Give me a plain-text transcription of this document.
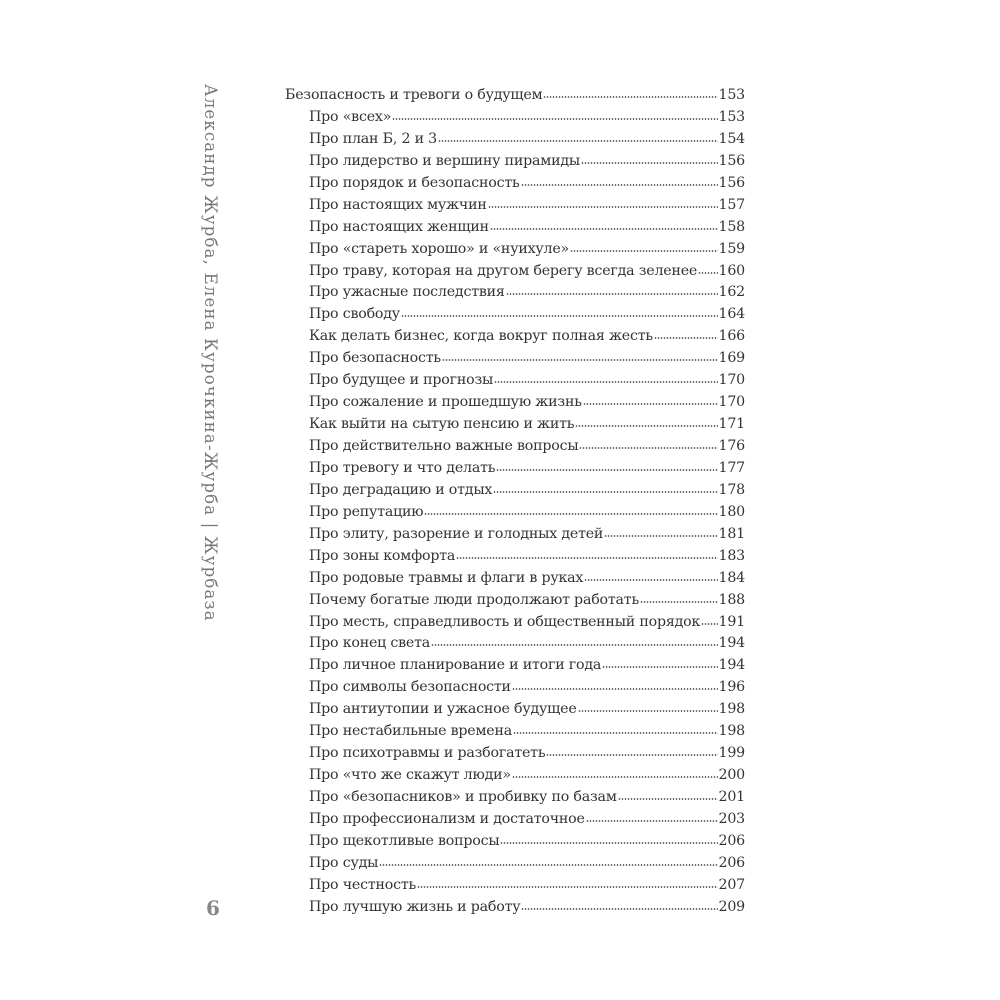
Александр Журба, Елена Курочкина-Журба | Журбаза
6
Безопасность и тревоги о будущем	153
Про «всех»	153
Про план Б, 2 и 3	154
Про лидерство и вершину пирамиды	156
Про порядок и безопасность	156
Про настоящих мужчин	157
Про настоящих женщин	158
Про «стареть хорошо» и «нуихуле»	159
Про траву, которая на другом берегу всегда зеленее 160
Про ужасные последствия	162
Про свободу	164
Как делать бизнес, когда вокруг полная жесть	166
Про безопасность	169
Про будущее и прогнозы	170
Про сожаление и прошедшую жизнь	170
Как выйти на сытую пенсию и жить	171
Про действительно важные вопросы	176
Про тревогу и что делать	177
Про деградацию и отдых	178
Про репутацию	180
Про элиту, разорение и голодных детей	181
Про зоны комфорта	183
Про родовые травмы и флаги в руках	184
Почему богатые люди продолжают работать	188
Про месть, справедливость и общественный порядок 191
Про конец света	194
Про личное планирование и итоги года	194
Про символы безопасности	196
Про антиутопии и ужасное будущее	198
Про нестабильные времена	198
Про психотравмы и разбогатеть	199
Про «что же скажут люди»	200
Про «безопасников» и пробивку по базам	201
Про профессионализм и достаточное	203
Про щекотливые вопросы	206
Про суды	206
Про честность	207
Про лучшую жизнь и работу	209
